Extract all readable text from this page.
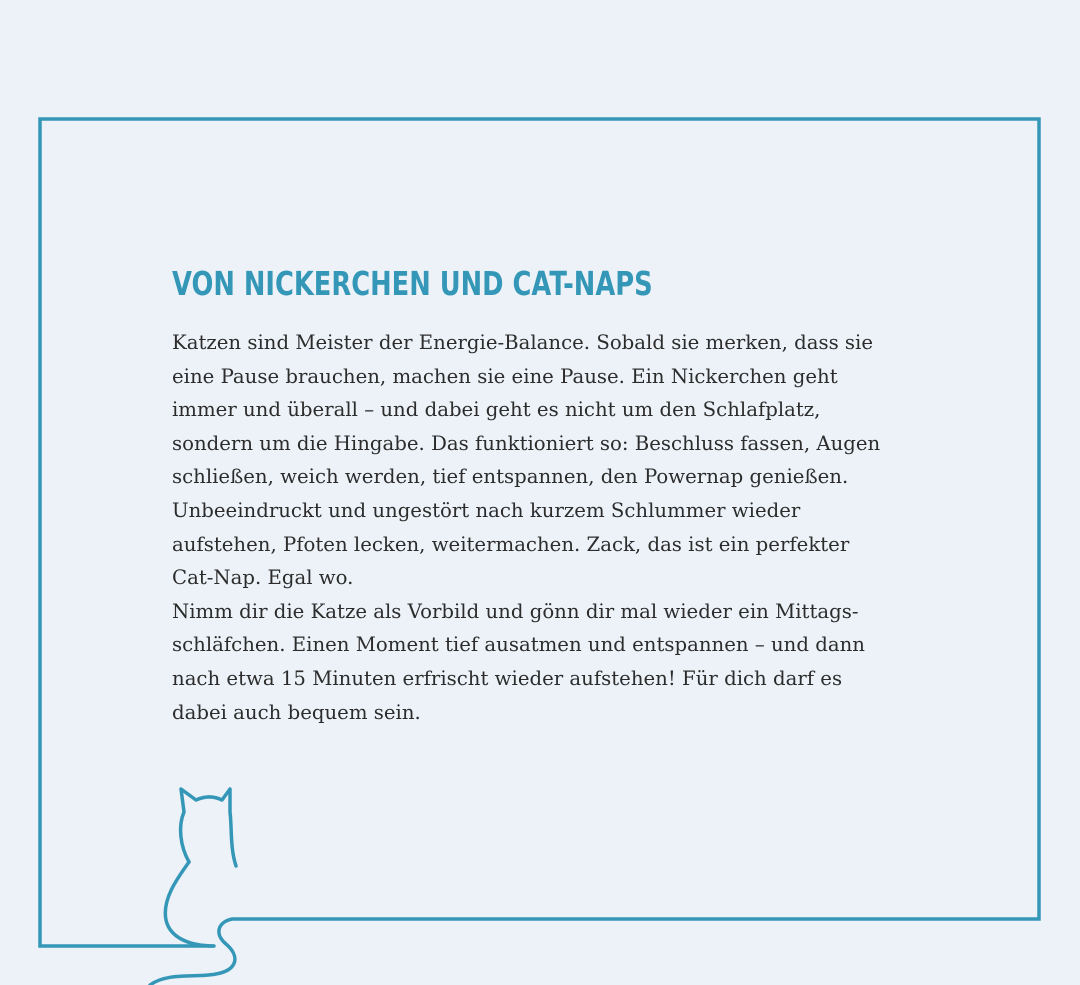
VON NICKERCHEN UND CAT-NAPS

Katzen sind Meister der Energie-Balance. Sobald sie merken, dass sie
eine Pause brauchen, machen sie eine Pause. Ein Nickerchen geht
immer und überall – und dabei geht es nicht um den Schlafplatz,
sondern um die Hingabe. Das funktioniert so: Beschluss fassen, Augen
schließen, weich werden, tief entspannen, den Powernap genießen.
Unbeeindruckt und ungestört nach kurzem Schlummer wieder
aufstehen, Pfoten lecken, weitermachen. Zack, das ist ein perfekter
Cat-Nap. Egal wo.

Nimm dir die Katze als Vorbild und gönn dir mal wieder ein Mittags-
schläfchen. Einen Moment tief ausatmen und entspannen – und dann
nach etwa 15 Minuten erfrischt wieder aufstehen! Für dich darf es
dabei auch bequem sein.
